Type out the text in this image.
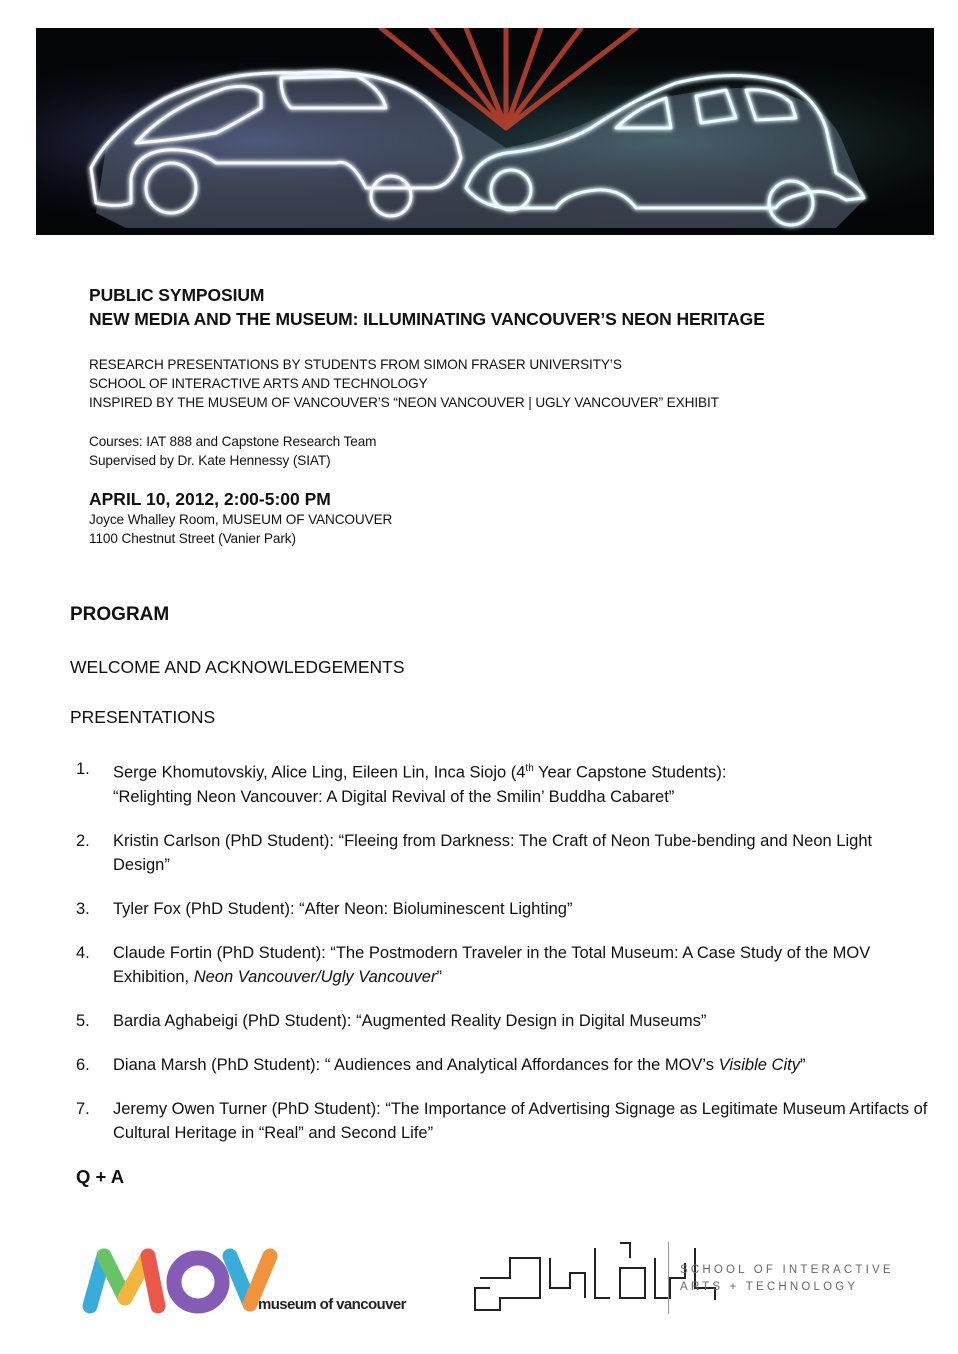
PUBLIC SYMPOSIUM
NEW MEDIA AND THE MUSEUM: ILLUMINATING VANCOUVER’S NEON HERITAGE
RESEARCH PRESENTATIONS BY STUDENTS FROM SIMON FRASER UNIVERSITY’S
SCHOOL OF INTERACTIVE ARTS AND TECHNOLOGY
INSPIRED BY THE MUSEUM OF VANCOUVER’S “NEON VANCOUVER | UGLY VANCOUVER” EXHIBIT
Courses: IAT 888 and Capstone Research Team
Supervised by Dr. Kate Hennessy (SIAT)
APRIL 10, 2012, 2:00-5:00 PM
Joyce Whalley Room, MUSEUM OF VANCOUVER
1100 Chestnut Street (Vanier Park)
PROGRAM
WELCOME AND ACKNOWLEDGEMENTS
PRESENTATIONS
1. Serge Khomutovskiy, Alice Ling, Eileen Lin, Inca Siojo (4th Year Capstone Students):
“Relighting Neon Vancouver: A Digital Revival of the Smilin’ Buddha Cabaret”
2. Kristin Carlson (PhD Student): “Fleeing from Darkness: The Craft of Neon Tube-bending and Neon Light Design”
3. Tyler Fox (PhD Student): “After Neon: Bioluminescent Lighting”
4. Claude Fortin (PhD Student): “The Postmodern Traveler in the Total Museum: A Case Study of the MOV Exhibition, Neon Vancouver/Ugly Vancouver”
5. Bardia Aghabeigi (PhD Student): “Augmented Reality Design in Digital Museums”
6. Diana Marsh (PhD Student): “ Audiences and Analytical Affordances for the MOV’s Visible City”
7. Jeremy Owen Turner (PhD Student): “The Importance of Advertising Signage as Legitimate Museum Artifacts of Cultural Heritage in “Real” and Second Life”
Q + A
museum of vancouver
SCHOOL OF INTERACTIVE
ARTS + TECHNOLOGY
